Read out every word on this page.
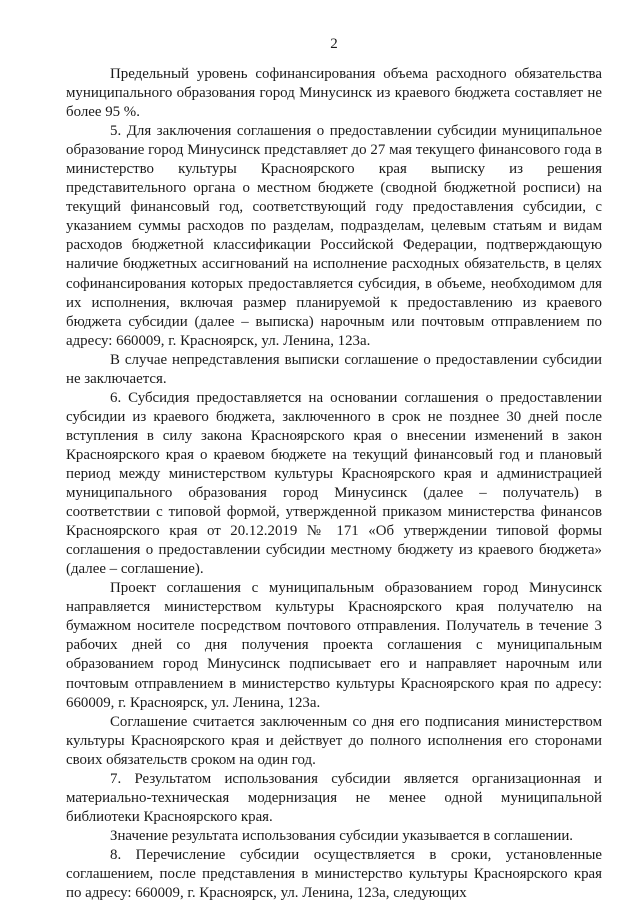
2

Предельный уровень софинансирования объема расходного обязательства муниципального образования город Минусинск из краевого бюджета составляет не более 95 %.

5. Для заключения соглашения о предоставлении субсидии муниципальное образование город Минусинск представляет до 27 мая текущего финансового года в министерство культуры Красноярского края выписку из решения представительного органа о местном бюджете (сводной бюджетной росписи) на текущий финансовый год, соответствующий году предоставления субсидии, с указанием суммы расходов по разделам, подразделам, целевым статьям и видам расходов бюджетной классификации Российской Федерации, подтверждающую наличие бюджетных ассигнований на исполнение расходных обязательств, в целях софинансирования которых предоставляется субсидия, в объеме, необходимом для их исполнения, включая размер планируемой к предоставлению из краевого бюджета субсидии (далее – выписка) нарочным или почтовым отправлением по адресу: 660009, г. Красноярск, ул. Ленина, 123а.

В случае непредставления выписки соглашение о предоставлении субсидии не заключается.

6. Субсидия предоставляется на основании соглашения о предоставлении субсидии из краевого бюджета, заключенного в срок не позднее 30 дней после вступления в силу закона Красноярского края о внесении изменений в закон Красноярского края о краевом бюджете на текущий финансовый год и плановый период между министерством культуры Красноярского края и администрацией муниципального образования город Минусинск (далее – получатель) в соответствии с типовой формой, утвержденной приказом министерства финансов Красноярского края от 20.12.2019 № 171 «Об утверждении типовой формы соглашения о предоставлении субсидии местному бюджету из краевого бюджета» (далее – соглашение).

Проект соглашения с муниципальным образованием город Минусинск направляется министерством культуры Красноярского края получателю на бумажном носителе посредством почтового отправления. Получатель в течение 3 рабочих дней со дня получения проекта соглашения с муниципальным образованием город Минусинск подписывает его и направляет нарочным или почтовым отправлением в министерство культуры Красноярского края по адресу: 660009, г. Красноярск, ул. Ленина, 123а.

Соглашение считается заключенным со дня его подписания министерством культуры Красноярского края и действует до полного исполнения его сторонами своих обязательств сроком на один год.

7. Результатом использования субсидии является организационная и материально-техническая модернизация не менее одной муниципальной библиотеки Красноярского края.

Значение результата использования субсидии указывается в соглашении.

8. Перечисление субсидии осуществляется в сроки, установленные соглашением, после представления в министерство культуры Красноярского края по адресу: 660009, г. Красноярск, ул. Ленина, 123а, следующих
